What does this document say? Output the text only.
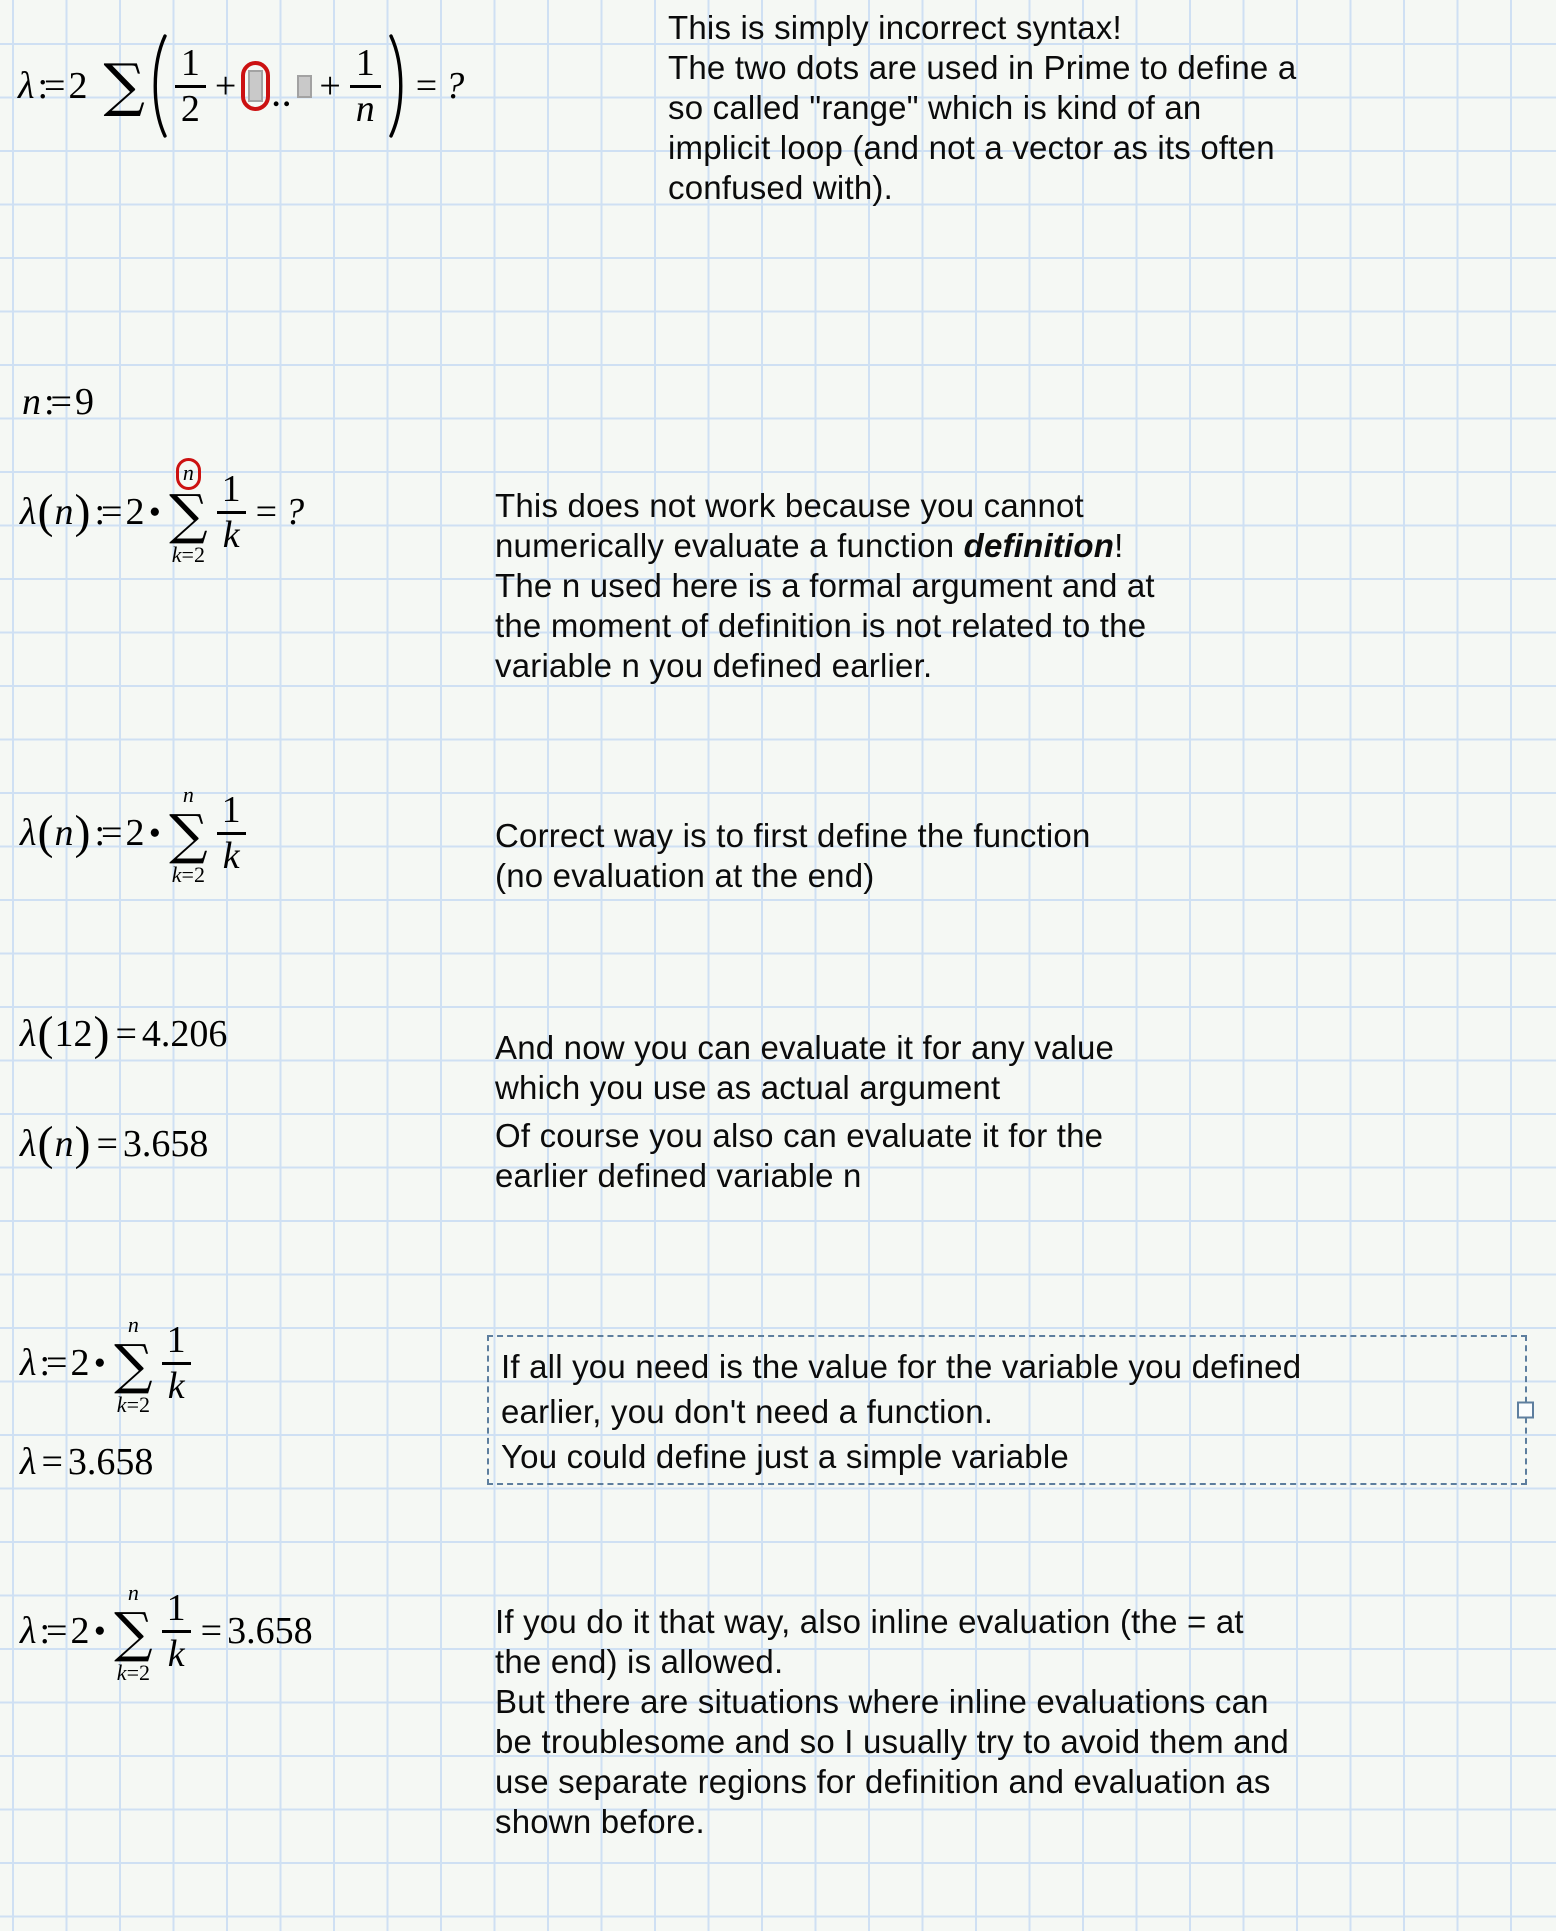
λ := 2 ∑ $\frac{1}{2}$ + .. + $\frac{1}{n}$ = ?
This is simply incorrect syntax!
The two dots are used in Prime to define a
so called "range" which is kind of an
implicit loop (and not a vector as its often
confused with).
n := 9
λ ( n ) := 2 •
n
∑
k=2
$\frac{1}{k}$ = ?	This does not work because you cannot
numerically evaluate a function definition!
The n used here is a formal argument and at
the moment of definition is not related to the
variable n you defined earlier.
λ ( n ) := 2 •
n
∑
$k=2 \frac{1}{k}$	Correct way is to first define the function
(no evaluation at the end)
λ ( 12 ) = 4.206	And now you can evaluate it for any value
which you use as actual argument
λ ( n ) = 3.658	Of course you also can evaluate it for the
earlier defined variable n
λ := 2 •
n
∑
$k=2 \frac{1}{k}$
λ = 3.658
If all you need is the value for the variable you defined
earlier, you don't need a function.
You could define just a simple variable
λ := 2 •
n
∑
$k=2 \frac{1}{k} = 3.658$	If you do it that way, also inline evaluation (the = at
the end) is allowed.
But there are situations where inline evaluations can
be troublesome and so I usually try to avoid them and
use separate regions for definition and evaluation as
shown before.
